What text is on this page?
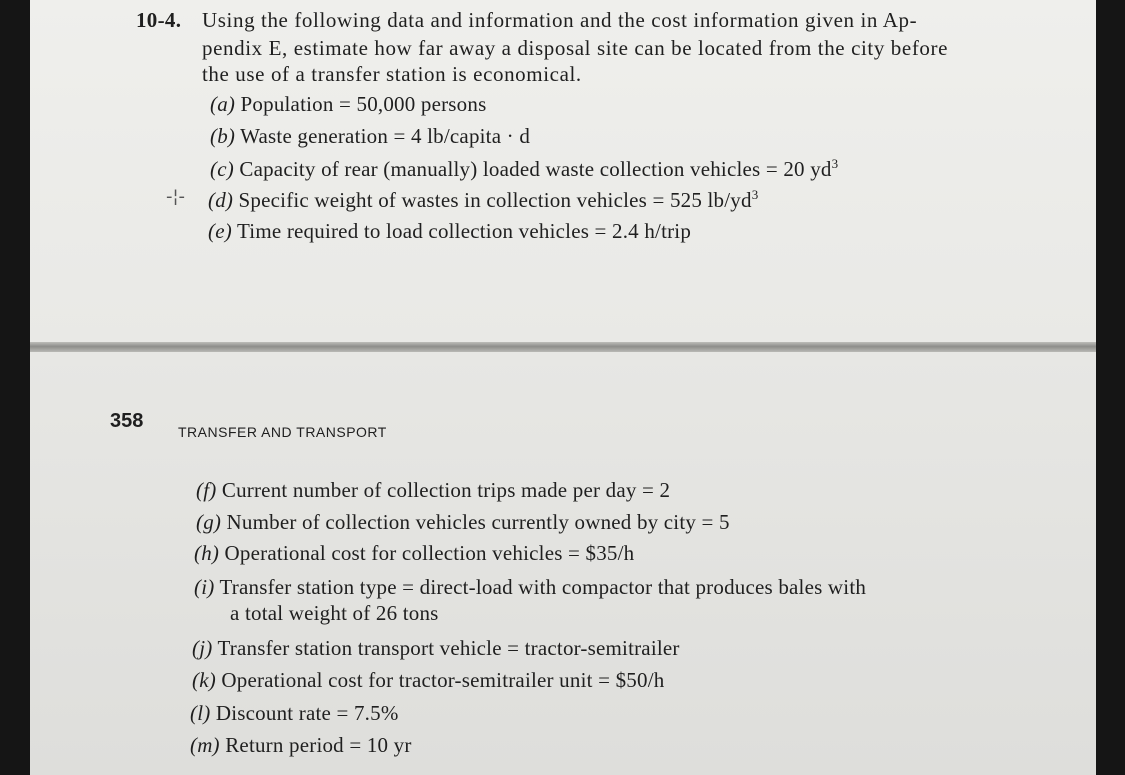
10-4. Using the following data and information and the cost information given in Ap-
pendix E, estimate how far away a disposal site can be located from the city before
the use of a transfer station is economical.
(a) Population = 50,000 persons
(b) Waste generation = 4 lb/capita · d
(c) Capacity of rear (manually) loaded waste collection vehicles = 20 $yd^3$
-¦- (d) Specific weight of wastes in collection vehicles = 525 $lb/yd^3$
(e) Time required to load collection vehicles = 2.4 h/trip
358 TRANSFER AND TRANSPORT
(f) Current number of collection trips made per day = 2
(g) Number of collection vehicles currently owned by city = 5
(h) Operational cost for collection vehicles = $35/h
(i) Transfer station type = direct-load with compactor that produces bales with
a total weight of 26 tons
(j) Transfer station transport vehicle = tractor-semitrailer
(k) Operational cost for tractor-semitrailer unit = $50/h
(l) Discount rate = 7.5%
(m) Return period = 10 yr
